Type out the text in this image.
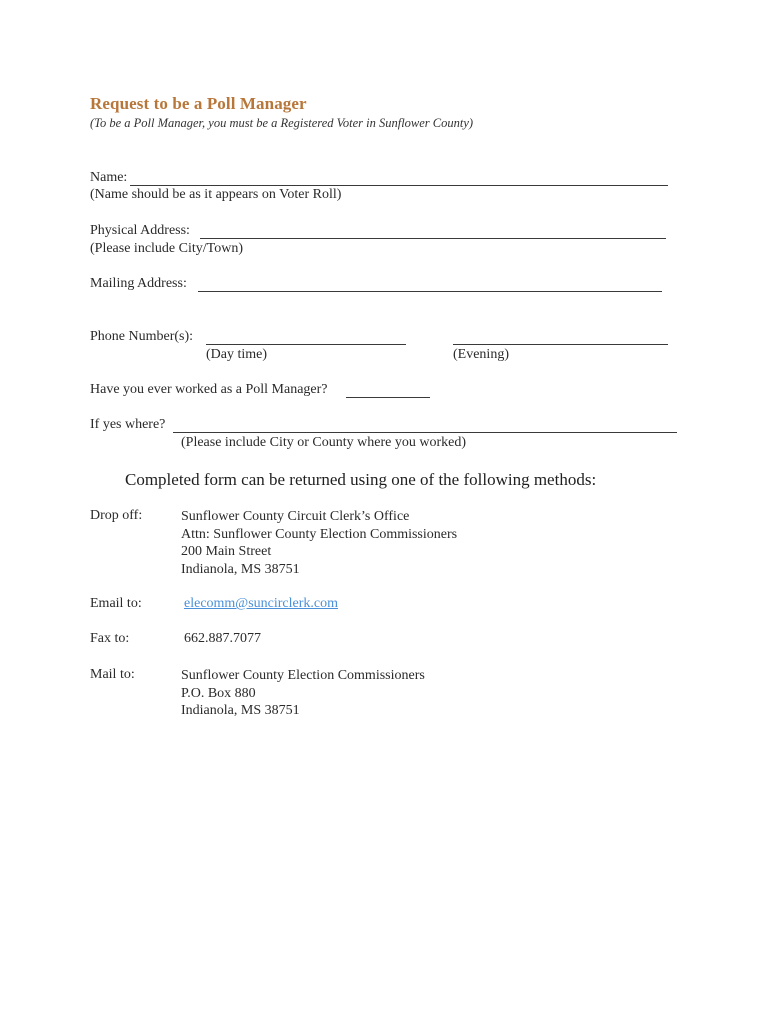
Request to be a Poll Manager
(To be a Poll Manager, you must be a Registered Voter in Sunflower County)
Name:
(Name should be as it appears on Voter Roll)
Physical Address:
(Please include City/Town)
Mailing Address:
Phone Number(s):
(Day time)	(Evening)
Have you ever worked as a Poll Manager?
If yes where?
(Please include City or County where you worked)
Completed form can be returned using one of the following methods:
Drop off:	Sunflower County Circuit Clerk’s Office
Attn: Sunflower County Election Commissioners
200 Main Street
Indianola, MS 38751
Email to:	elecomm@suncirclerk.com
Fax to:	662.887.7077
Mail to:	Sunflower County Election Commissioners
P.O. Box 880
Indianola, MS 38751
